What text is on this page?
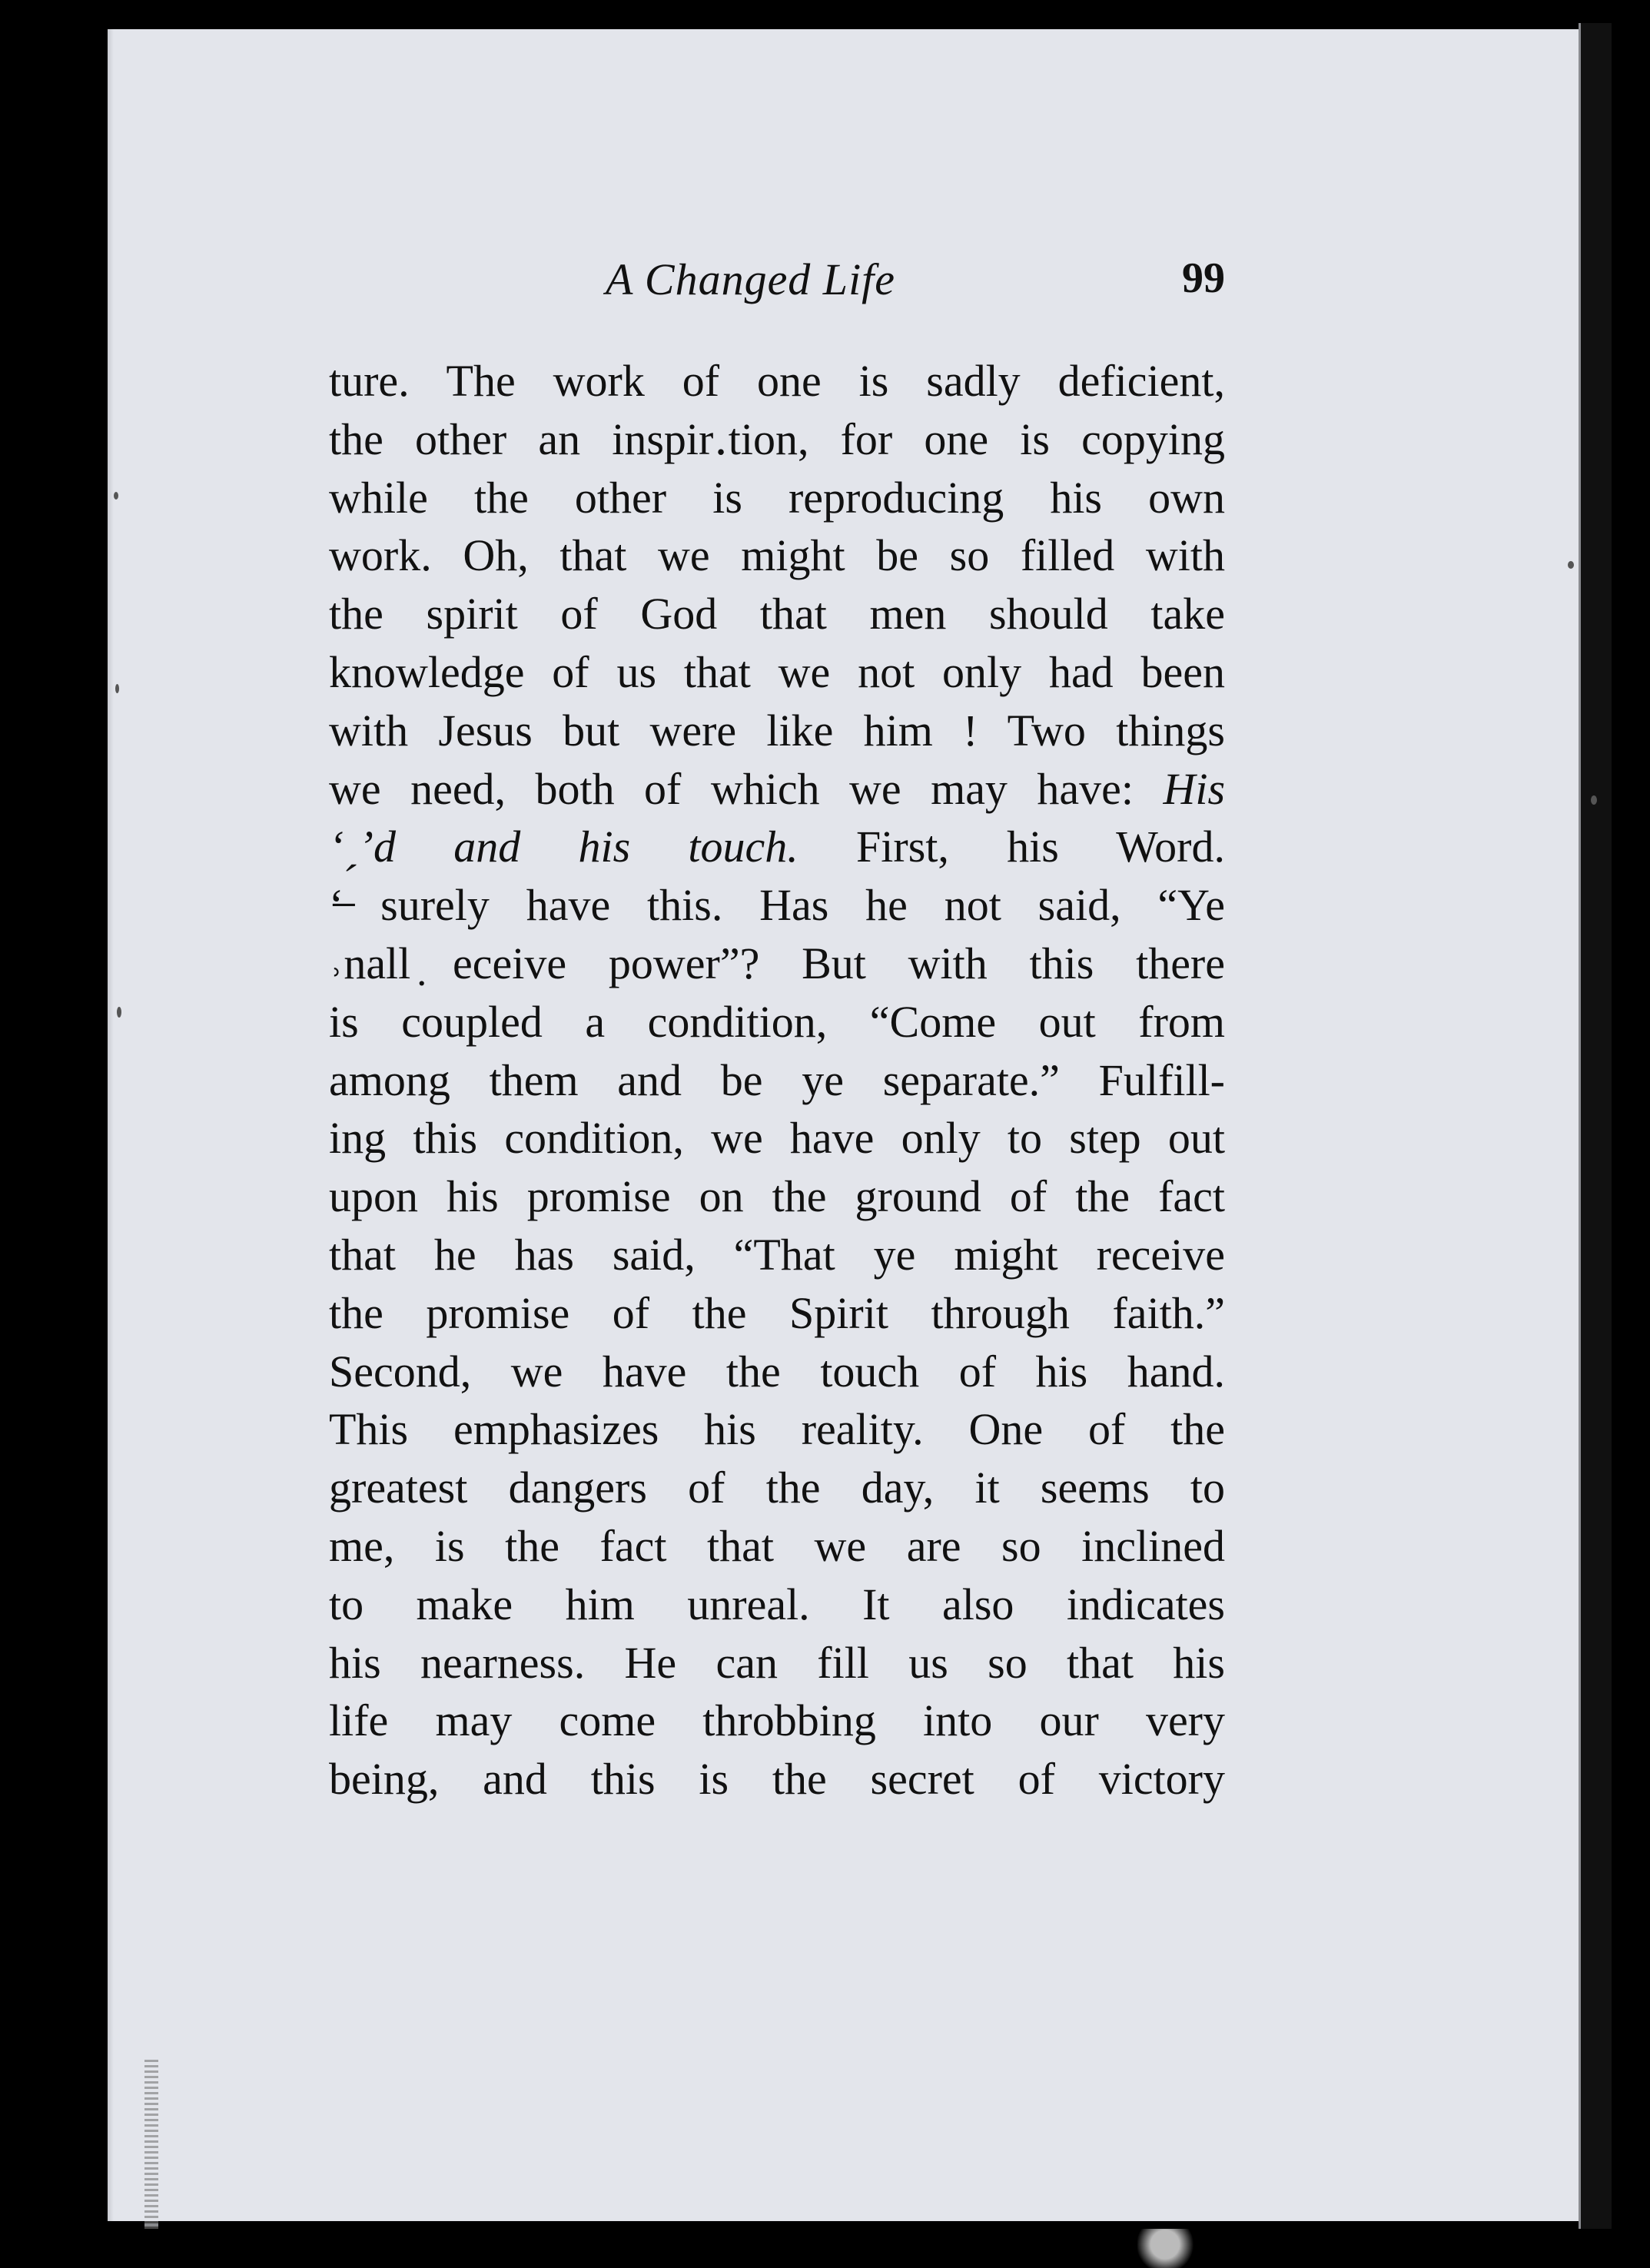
A Changed Life	99
ture. The work of one is sadly deficient,
the other an inspir․tion, for one is copying
while the other is reproducing his own
work. Oh, that we might be so filled with
the spirit of God that men should take
knowledge of us that we not only had been
with Jesus but were like him ! Two things
we need, both of which we may have: His
ʻˏ’d and his touch. First, his Word.
ʻ̶ surely have this. Has he not said, “Ye
˒nall ̣eceive power”? But with this there
is coupled a condition, “Come out from
among them and be ye separate.” Fulfill-
ing this condition, we have only to step out
upon his promise on the ground of the fact
that he has said, “That ye might receive
the promise of the Spirit through faith.”
Second, we have the touch of his hand.
This emphasizes his reality. One of the
greatest dangers of the day, it seems to
me, is the fact that we are so inclined
to make him unreal. It also indicates
his nearness. He can fill us so that his
life may come throbbing into our very
being, and this is the secret of victory
